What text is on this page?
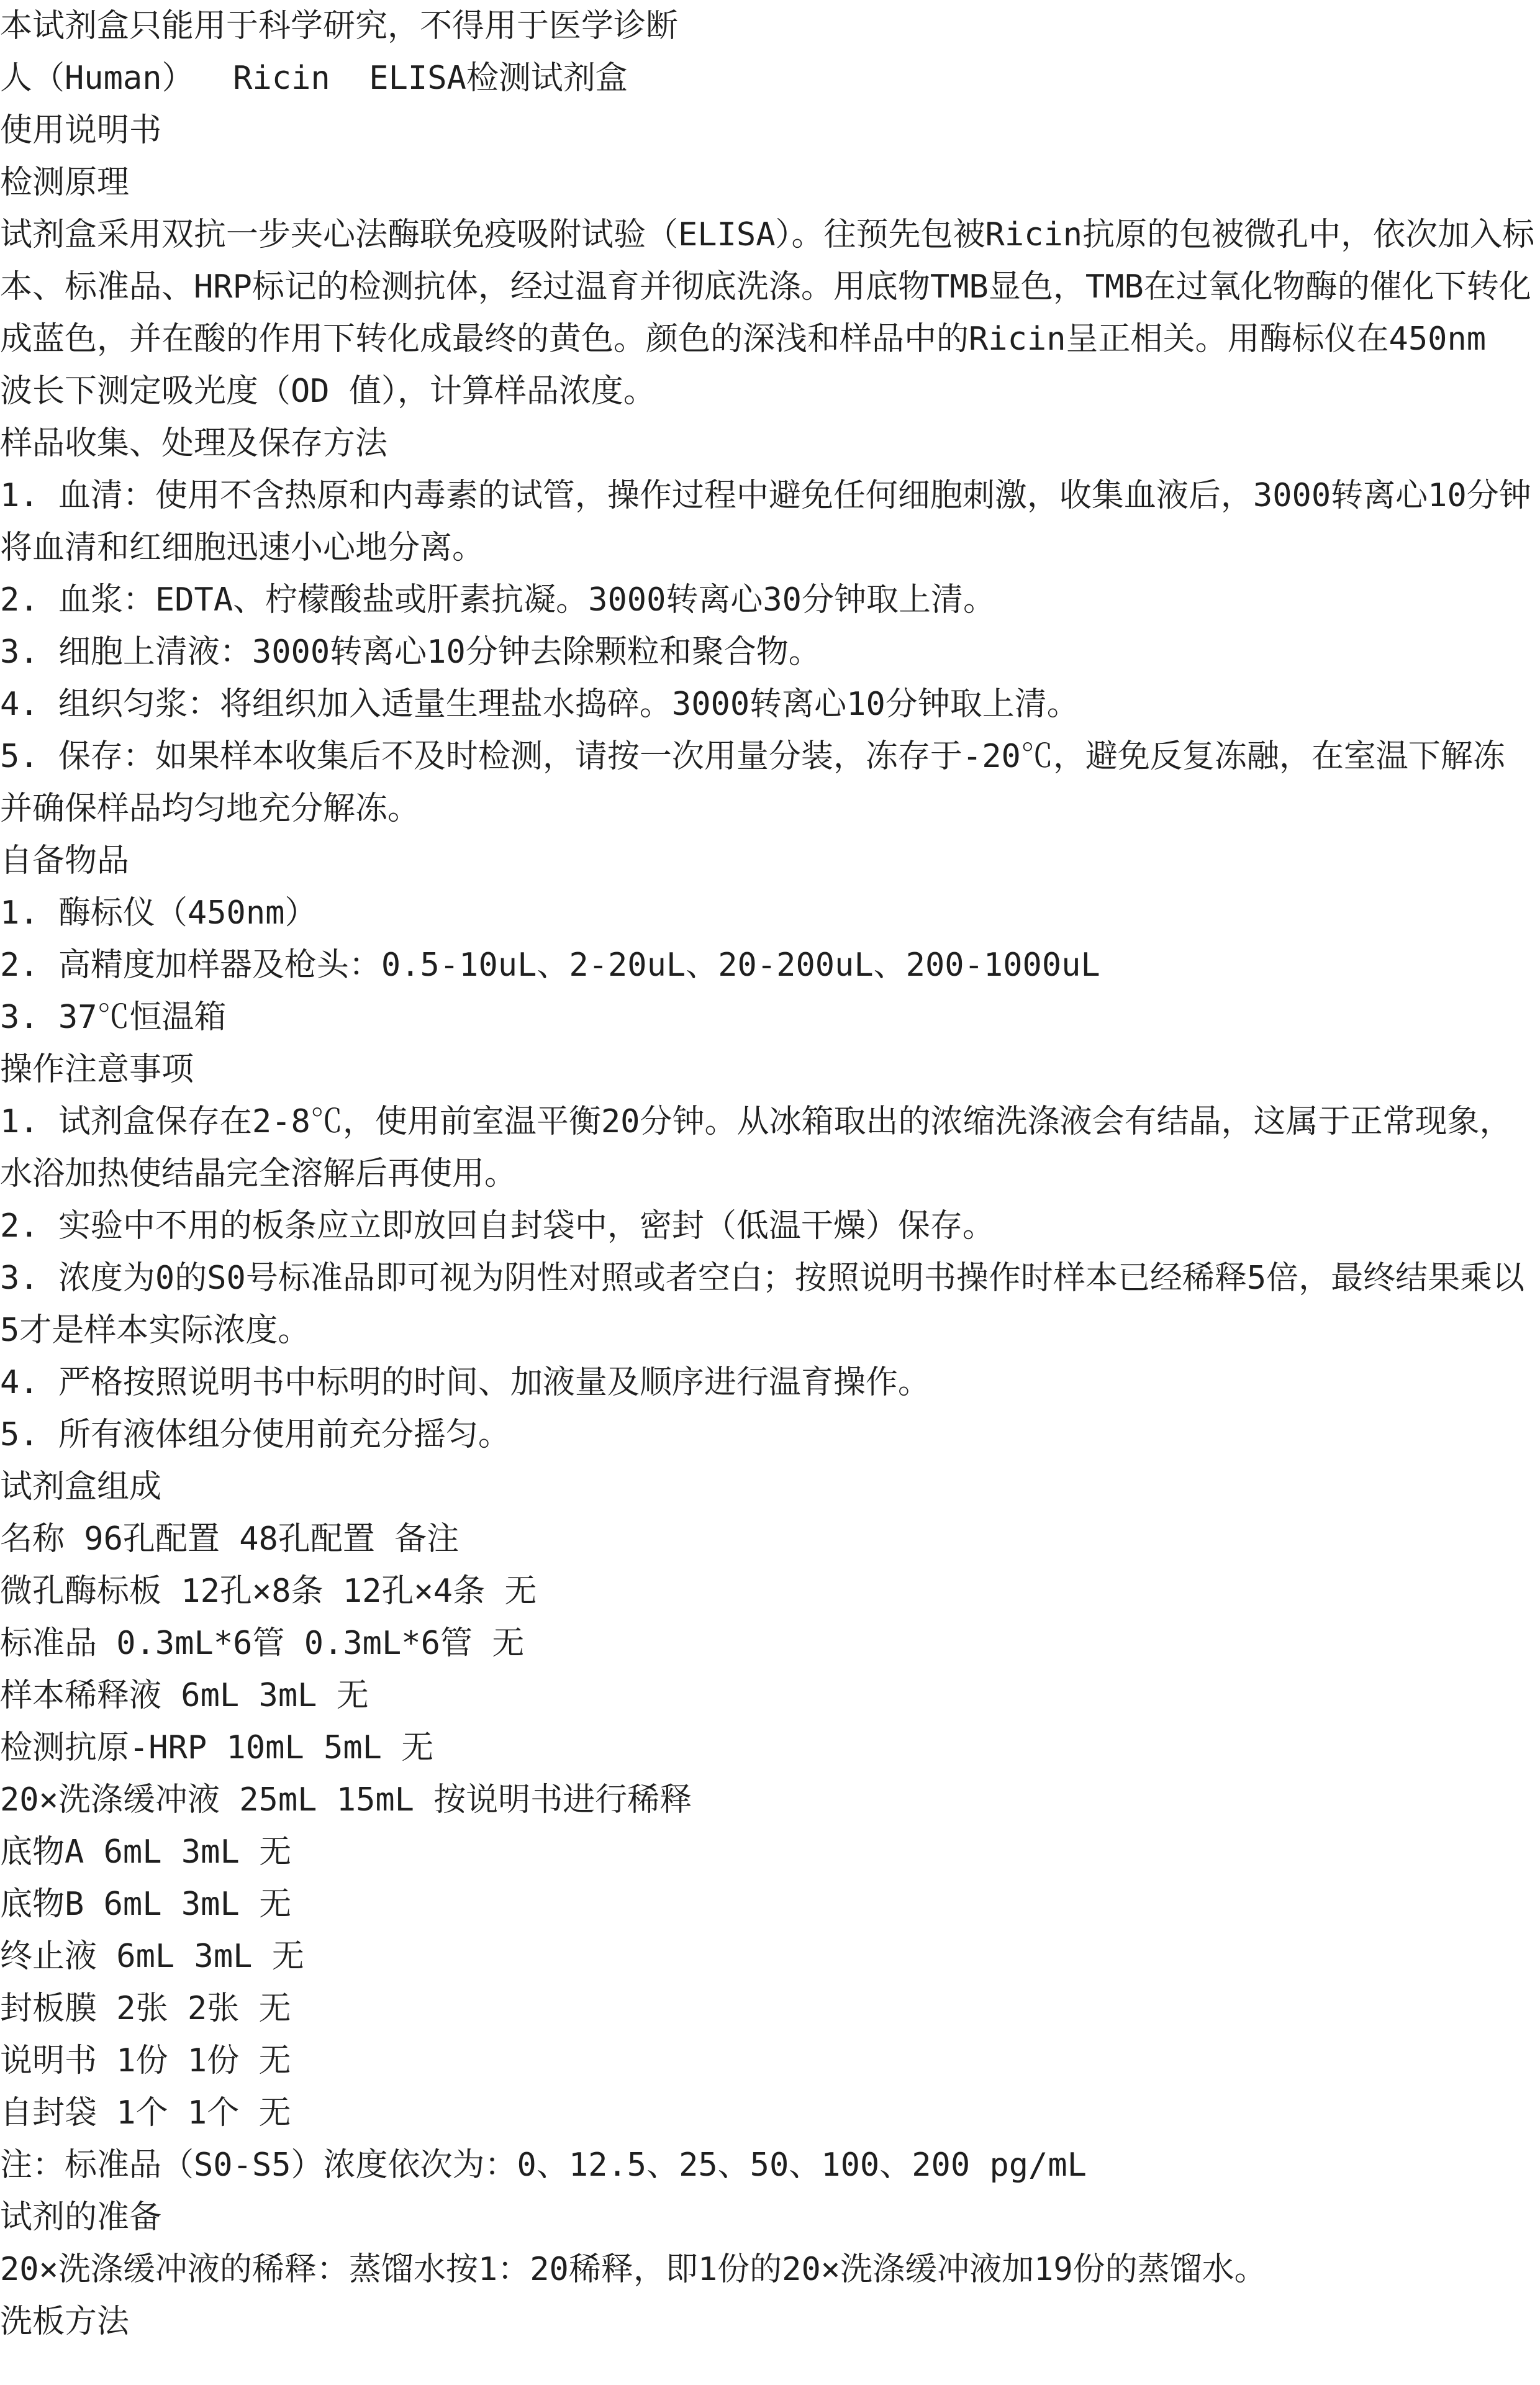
本试剂盒只能用于科学研究，不得用于医学诊断
人（Human）  Ricin  ELISA检测试剂盒
使用说明书
检测原理
试剂盒采用双抗一步夹心法酶联免疫吸附试验（ELISA）。往预先包被Ricin抗原的包被微孔中，依次加入标本、标准品、HRP标记的检测抗体，经过温育并彻底洗涤。用底物TMB显色，TMB在过氧化物酶的催化下转化成蓝色，并在酸的作用下转化成最终的黄色。颜色的深浅和样品中的Ricin呈正相关。用酶标仪在450nm 波长下测定吸光度（OD 值），计算样品浓度。
样品收集、处理及保存方法
1. 血清：使用不含热原和内毒素的试管，操作过程中避免任何细胞刺激，收集血液后，3000转离心10分钟将血清和红细胞迅速小心地分离。
2. 血浆：EDTA、柠檬酸盐或肝素抗凝。3000转离心30分钟取上清。
3. 细胞上清液：3000转离心10分钟去除颗粒和聚合物。
4. 组织匀浆：将组织加入适量生理盐水捣碎。3000转离心10分钟取上清。
5. 保存：如果样本收集后不及时检测，请按一次用量分装，冻存于-20℃，避免反复冻融，在室温下解冻并确保样品均匀地充分解冻。
自备物品
1. 酶标仪（450nm）
2. 高精度加样器及枪头：0.5-10uL、2-20uL、20-200uL、200-1000uL
3. 37℃恒温箱
操作注意事项
1. 试剂盒保存在2-8℃，使用前室温平衡20分钟。从冰箱取出的浓缩洗涤液会有结晶，这属于正常现象，水浴加热使结晶完全溶解后再使用。
2. 实验中不用的板条应立即放回自封袋中，密封（低温干燥）保存。
3. 浓度为0的S0号标准品即可视为阴性对照或者空白；按照说明书操作时样本已经稀释5倍，最终结果乘以5才是样本实际浓度。
4. 严格按照说明书中标明的时间、加液量及顺序进行温育操作。
5. 所有液体组分使用前充分摇匀。
试剂盒组成
名称 96孔配置 48孔配置 备注
微孔酶标板 12孔×8条 12孔×4条 无
标准品 0.3mL*6管 0.3mL*6管 无
样本稀释液 6mL 3mL 无
检测抗原-HRP 10mL 5mL 无
20×洗涤缓冲液 25mL 15mL 按说明书进行稀释
底物A 6mL 3mL 无
底物B 6mL 3mL 无
终止液 6mL 3mL 无
封板膜 2张 2张 无
说明书 1份 1份 无
自封袋 1个 1个 无
注：标准品（S0-S5）浓度依次为：0、12.5、25、50、100、200 pg/mL
试剂的准备
20×洗涤缓冲液的稀释：蒸馏水按1：20稀释，即1份的20×洗涤缓冲液加19份的蒸馏水。
洗板方法
